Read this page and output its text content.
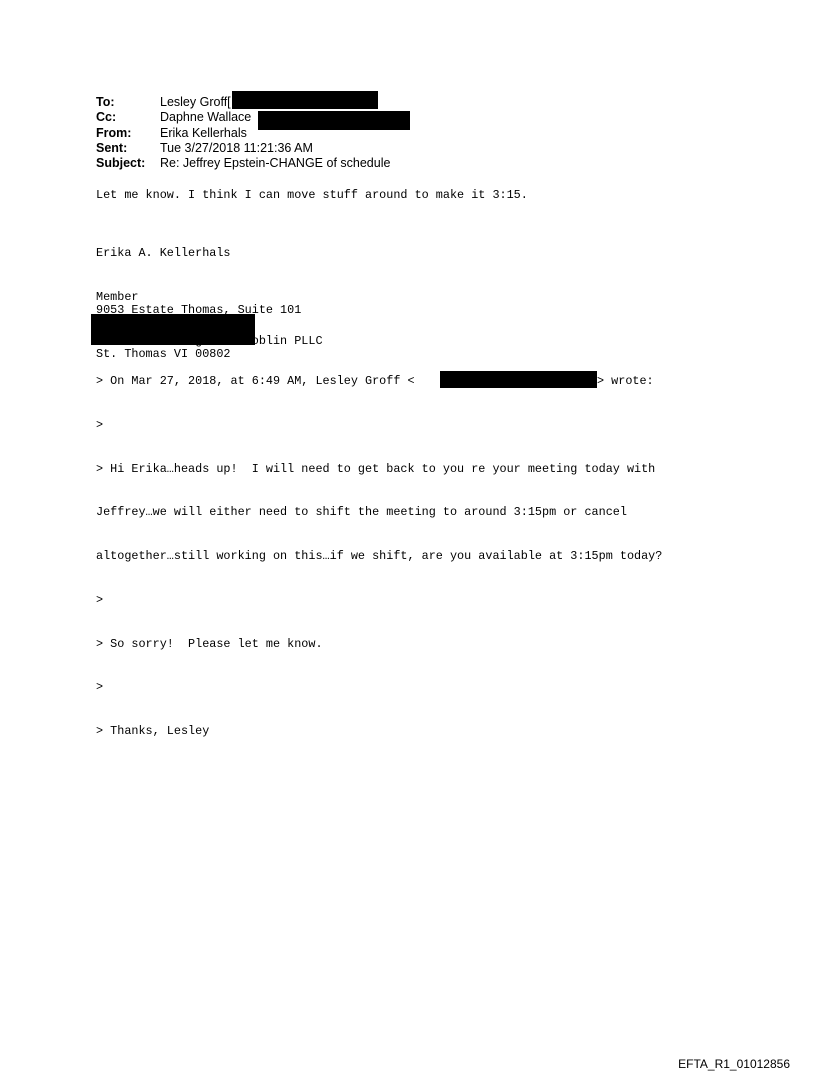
To:	Lesley Groff[
Cc:	Daphne Wallace
From: Erika Kellerhals
Sent:	Tue 3/27/2018 11:21:36 AM
Subject: Re: Jeffrey Epstein-CHANGE of schedule
Let me know. I think I can move stuff around to make it 3:15.

Erika A. Kellerhals

Member

Kellerhals Ferguson Kroblin PLLC

9053 Estate Thomas, Suite 101

St. Thomas VI 00802

> On Mar 27, 2018, at 6:49 AM, Lesley Groff <	> wrote:

>

> Hi Erika…heads up!  I will need to get back to you re your meeting today with

Jeffrey…we will either need to shift the meeting to around 3:15pm or cancel

altogether…still working on this…if we shift, are you available at 3:15pm today?

>

> So sorry!  Please let me know.

>

> Thanks, Lesley

EFTA_R1_01012856
